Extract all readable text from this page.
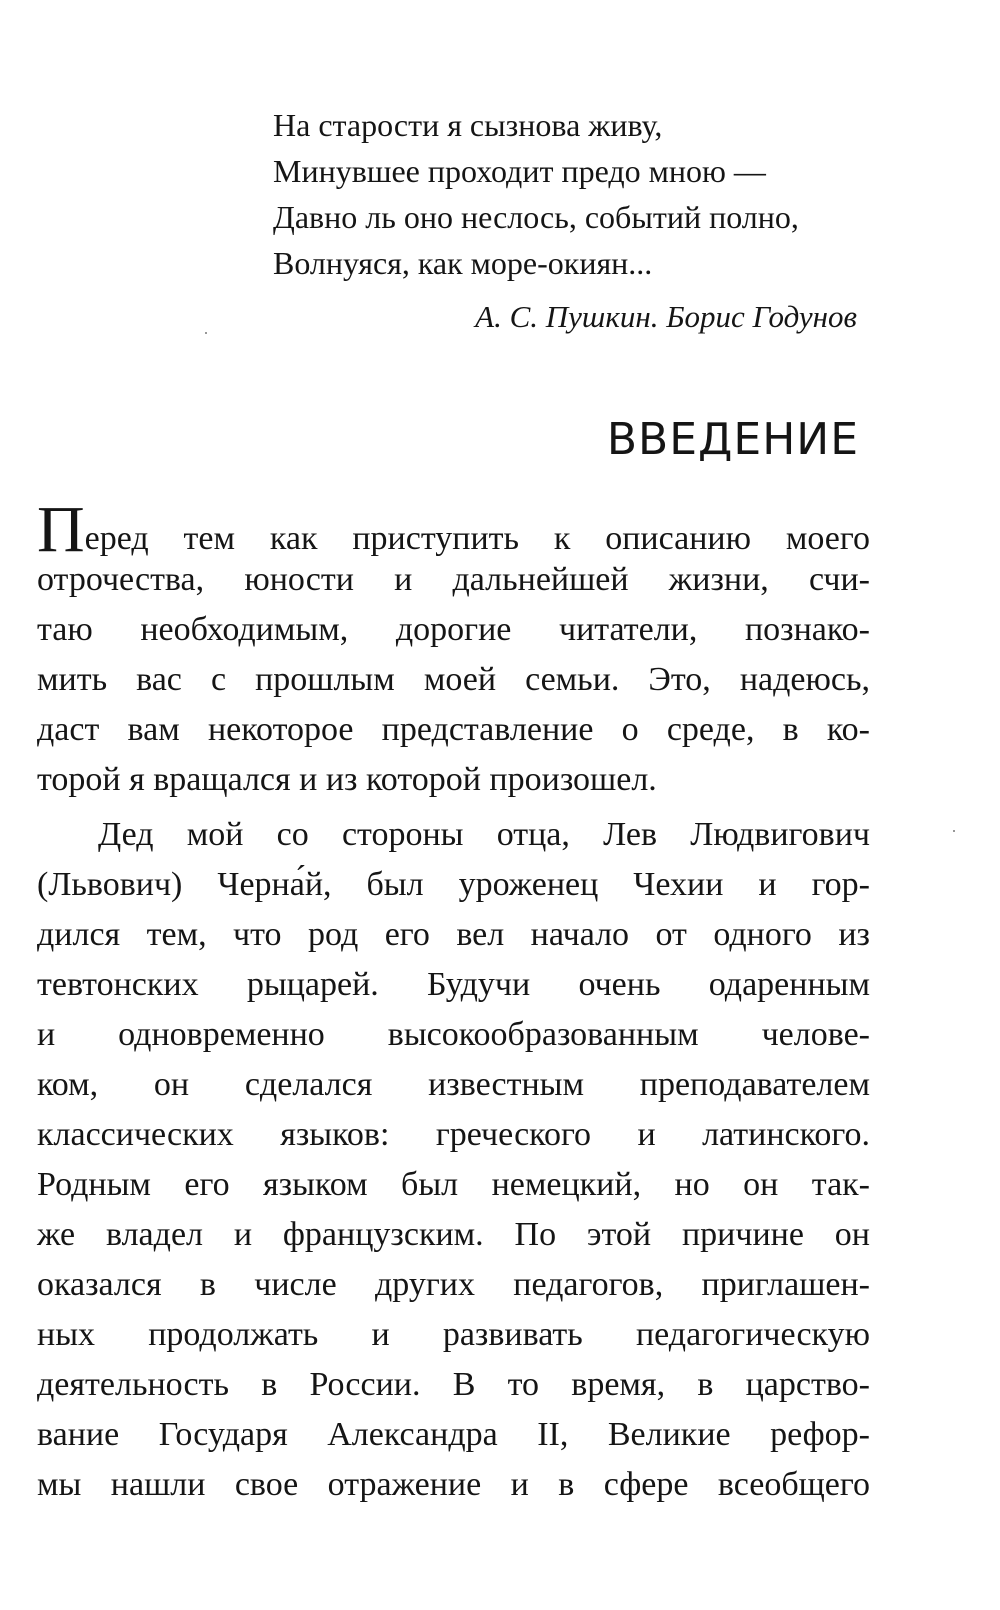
На старости я сызнова живу,

Минувшее проходит предо мною —

Давно ль оно неслось, событий полно,

Волнуяся, как море-окиян...

А. С. Пушкин. Борис Годунов
ВВЕДЕНИЕ
Перед тем как приступить к описанию моего
отрочества, юности и дальнейшей жизни, счи-
таю необходимым, дорогие читатели, познако-
мить вас с прошлым моей семьи. Это, надеюсь,
даст вам некоторое представление о среде, в ко-
торой я вращался и из которой произошел.
Дед мой со стороны отца, Лев Людвигович
(Львович) Черна́й, был уроженец Чехии и гор-
дился тем, что род его вел начало от одного из
тевтонских рыцарей. Будучи очень одаренным
и одновременно высокообразованным челове-
ком, он сделался известным преподавателем
классических языков: греческого и латинского.
Родным его языком был немецкий, но он так-
же владел и французским. По этой причине он
оказался в числе других педагогов, приглашен-
ных продолжать и развивать педагогическую
деятельность в России. В то время, в царство-
вание Государя Александра II, Великие рефор-
мы нашли свое отражение и в сфере всеобщего
